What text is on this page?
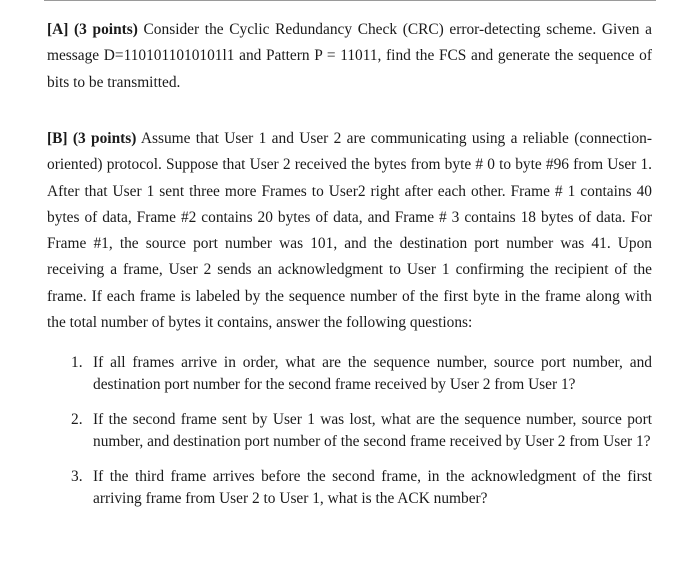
[A] (3 points) Consider the Cyclic Redundancy Check (CRC) error-detecting scheme. Given a message D=1101011010101l1 and Pattern P = 11011, find the FCS and generate the sequence of bits to be transmitted.

[B] (3 points) Assume that User 1 and User 2 are communicating using a reliable (connection-oriented) protocol. Suppose that User 2 received the bytes from byte # 0 to byte #96 from User 1. After that User 1 sent three more Frames to User2 right after each other. Frame # 1 contains 40 bytes of data, Frame #2 contains 20 bytes of data, and Frame # 3 contains 18 bytes of data. For Frame #1, the source port number was 101, and the destination port number was 41. Upon receiving a frame, User 2 sends an acknowledgment to User 1 confirming the recipient of the frame. If each frame is labeled by the sequence number of the first byte in the frame along with the total number of bytes it contains, answer the following questions:

1. If all frames arrive in order, what are the sequence number, source port number, and destination port number for the second frame received by User 2 from User 1?
2. If the second frame sent by User 1 was lost, what are the sequence number, source port number, and destination port number of the second frame received by User 2 from User 1?
3. If the third frame arrives before the second frame, in the acknowledgment of the first arriving frame from User 2 to User 1, what is the ACK number?
